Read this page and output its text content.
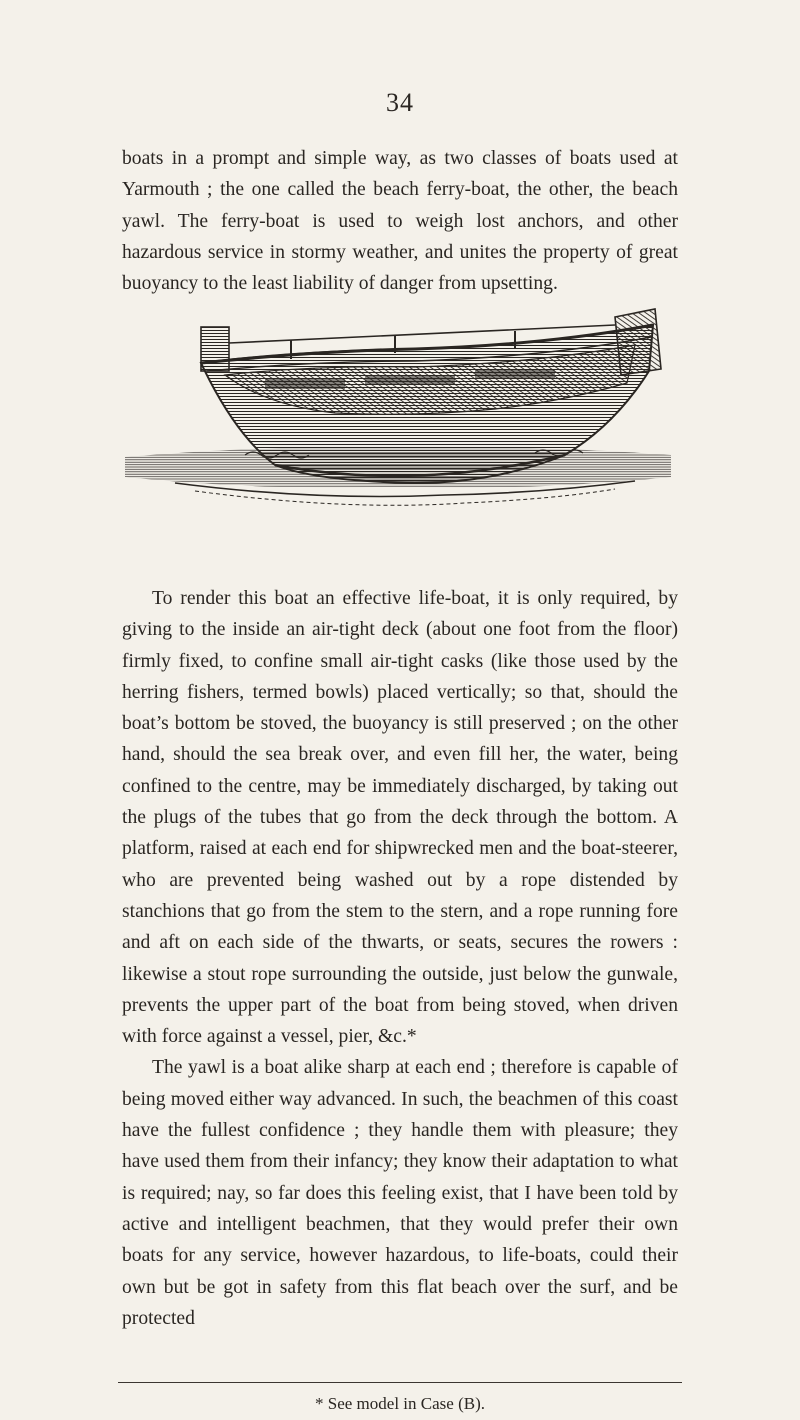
34

boats in a prompt and simple way, as two classes of boats used at Yarmouth ; the one called the beach ferry-boat, the other, the beach yawl. The ferry-boat is used to weigh lost anchors, and other hazardous service in stormy weather, and unites the property of great buoyancy to the least liability of danger from upsetting.

To render this boat an effective life-boat, it is only required, by giving to the inside an air-tight deck (about one foot from the floor) firmly fixed, to confine small air-tight casks (like those used by the herring fishers, termed bowls) placed vertically; so that, should the boat’s bottom be stoved, the buoyancy is still preserved ; on the other hand, should the sea break over, and even fill her, the water, being confined to the centre, may be immediately discharged, by taking out the plugs of the tubes that go from the deck through the bottom. A platform, raised at each end for shipwrecked men and the boat-steerer, who are prevented being washed out by a rope distended by stanchions that go from the stem to the stern, and a rope running fore and aft on each side of the thwarts, or seats, secures the rowers : likewise a stout rope surrounding the outside, just below the gunwale, prevents the upper part of the boat from being stoved, when driven with force against a vessel, pier, &c.*

The yawl is a boat alike sharp at each end ; therefore is capable of being moved either way advanced. In such, the beachmen of this coast have the fullest confidence ; they handle them with pleasure; they have used them from their infancy; they know their adaptation to what is required; nay, so far does this feeling exist, that I have been told by active and intelligent beachmen, that they would prefer their own boats for any service, however hazardous, to life-boats, could their own but be got in safety from this flat beach over the surf, and be protected

* See model in Case (B).
